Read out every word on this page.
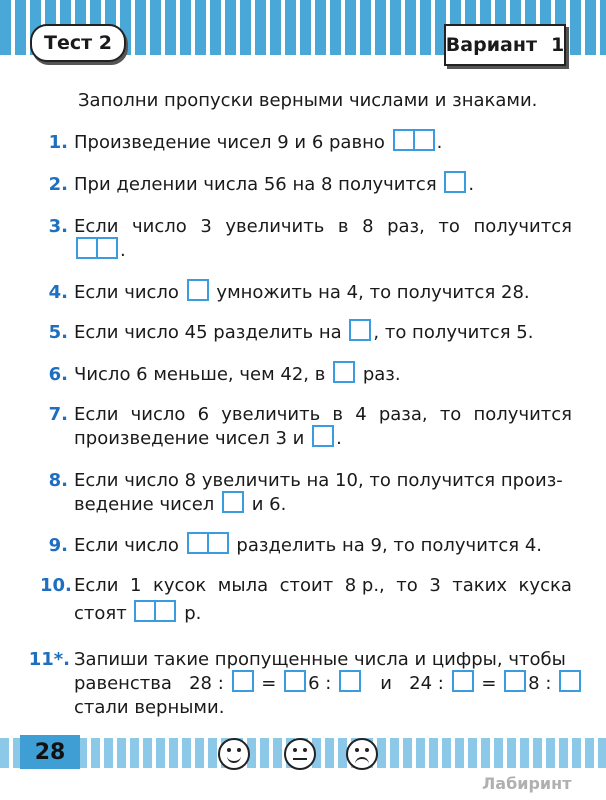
Тест 2	Вариант 1
Заполни пропуски верными числами и знаками.
1. Произведение чисел 9 и 6 равно	.
2. При делении числа 56 на 8 получится .
3. Если число 3 увеличить в 8 раз, то получится
.
4. Если число умножить на 4, то получится 28.
5. Если число 45 разделить на , то получится 5.
6. Число 6 меньше, чем 42, в раз.
7. Если число 6 увеличить в 4 раза, то получится
произведение чисел 3 и .
8. Если число 8 увеличить на 10, то получится произ-
ведение чисел и 6.
9. Если число	разделить на 9, то получится 4.
10. Если 1 кусок мыла стоит 8 р., то 3 таких куска
стоят	р.
11*. Запиши такие пропущенные числа и цифры, чтобы
равенства 28 : = 6 :	и 24 : = 8 :
стали верными.
28
Лабиринт
